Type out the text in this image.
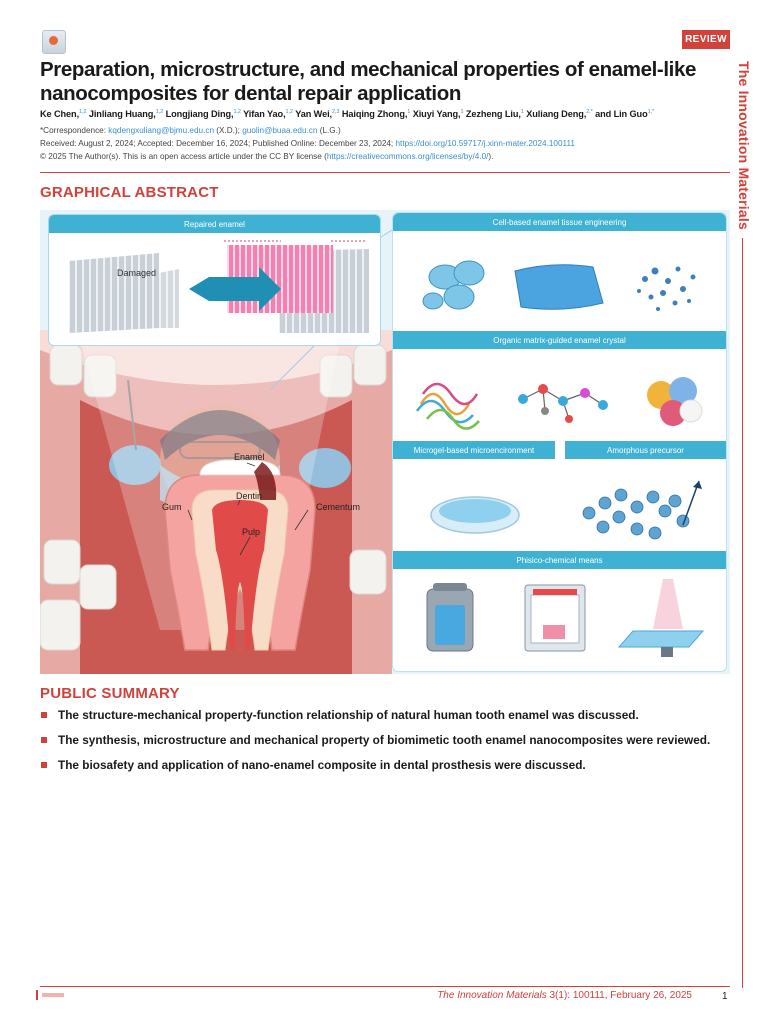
REVIEW
The Innovation Materials
Preparation, microstructure, and mechanical properties of enamel-like nanocomposites for dental repair application
Ke Chen,$^{1,2}$ Jinliang Huang,$^{1,2}$ Longjiang Ding,$^{1,2}$ Yifan Yao,$^{1,2}$ Yan Wei,$^{2,3}$ Haiqing Zhong,$^1$ Xiuyi Yang,$^1$ Zezheng Liu,$^1$ Xuliang Deng,$^{2,*}$ and Lin Guo$^{1,*}$
*Correspondence: kqdengxuliang@bjmu.edu.cn (X.D.); guolin@buaa.edu.cn (L.G.)
Received: August 2, 2024; Accepted: December 16, 2024; Published Online: December 23, 2024; https://doi.org/10.59717/j.xinn-mater.2024.100111
© 2025 The Author(s). This is an open access article under the CC BY license (https://creativecommons.org/licenses/by/4.0/).
GRAPHICAL ABSTRACT
Enamel
Dentin
Gum	Cementum
Pulp
Repaired enamel
Damaged
Cell-based enamel tissue engineering
Organic matrix-guided enamel crystal
Microgel-based microencironment	Amorphous precursor
Phisico-chemical means
PUBLIC SUMMARY
The structure-mechanical property-function relationship of natural human tooth enamel was discussed.
The synthesis, microstructure and mechanical property of biomimetic tooth enamel nanocomposites were reviewed.
The biosafety and application of nano-enamel composite in dental prosthesis were discussed.
The Innovation Materials 3(1): 100111, February 26, 2025	1
